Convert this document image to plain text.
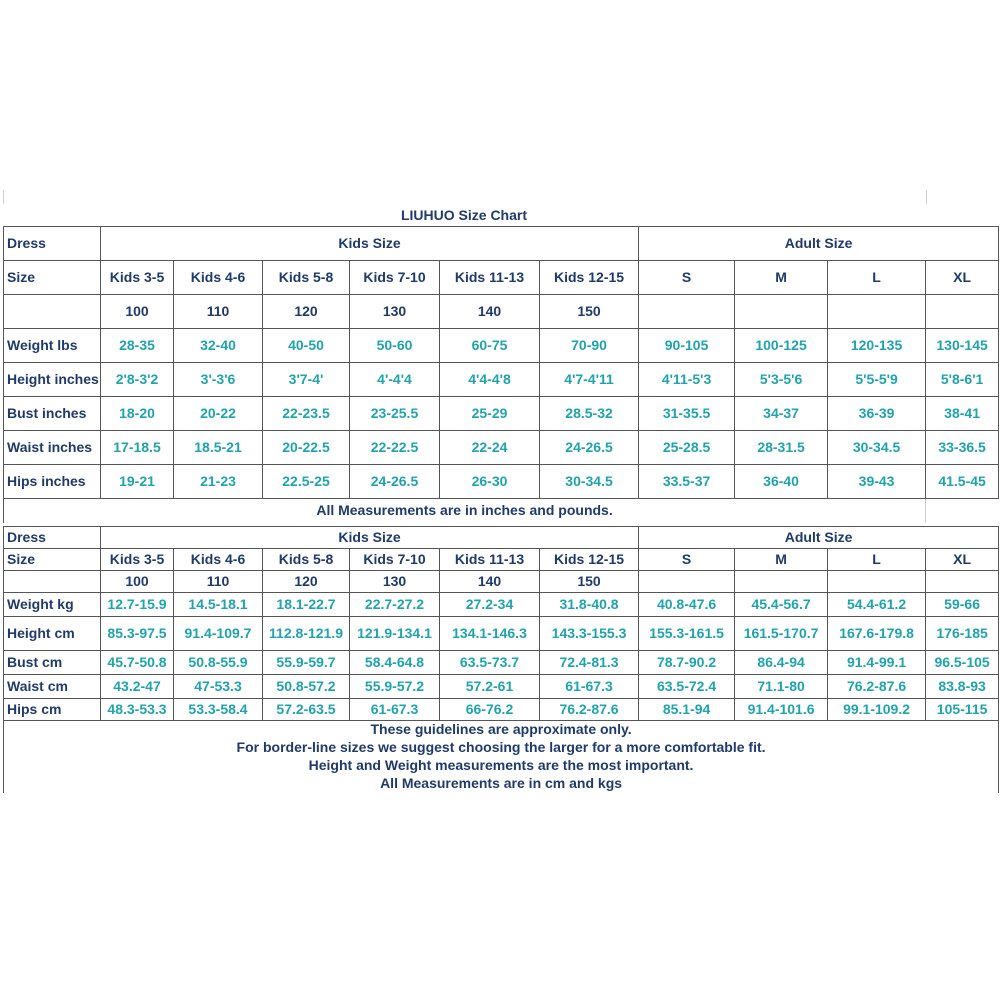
LIUHUO Size Chart
Dress	Kids Size						Adult Size			
Size	Kids 3-5	Kids 4-6	Kids 5-8	Kids 7-10	Kids 11-13	Kids 12-15	S	M	L	XL
	100	110	120	130	140	150				
Weight lbs	28-35	32-40	40-50	50-60	60-75	70-90	90-105	100-125	120-135	130-145
Height inches	2'8-3'2	3'-3'6	3'7-4'	4'-4'4	4'4-4'8	4'7-4'11	4'11-5'3	5'3-5'6	5'5-5'9	5'8-6'1
Bust inches	18-20	20-22	22-23.5	23-25.5	25-29	28.5-32	31-35.5	34-37	36-39	38-41
Waist inches	17-18.5	18.5-21	20-22.5	22-22.5	22-24	24-26.5	25-28.5	28-31.5	30-34.5	33-36.5
Hips inches	19-21	21-23	22.5-25	24-26.5	26-30	30-34.5	33.5-37	36-40	39-43	41.5-45
All Measurements are in inches and pounds.										
Dress	Kids Size						Adult Size			
Size	Kids 3-5	Kids 4-6	Kids 5-8	Kids 7-10	Kids 11-13	Kids 12-15	S	M	L	XL
	100	110	120	130	140	150				
Weight kg	12.7-15.9	14.5-18.1	18.1-22.7	22.7-27.2	27.2-34	31.8-40.8	40.8-47.6	45.4-56.7	54.4-61.2	59-66
Height cm	85.3-97.5	91.4-109.7	112.8-121.9	121.9-134.1	134.1-146.3	143.3-155.3	155.3-161.5	161.5-170.7	167.6-179.8	176-185
Bust cm	45.7-50.8	50.8-55.9	55.9-59.7	58.4-64.8	63.5-73.7	72.4-81.3	78.7-90.2	86.4-94	91.4-99.1	96.5-105
Waist cm	43.2-47	47-53.3	50.8-57.2	55.9-57.2	57.2-61	61-67.3	63.5-72.4	71.1-80	76.2-87.6	83.8-93
Hips cm	48.3-53.3	53.3-58.4	57.2-63.5	61-67.3	66-76.2	76.2-87.6	85.1-94	91.4-101.6	99.1-109.2	105-115
These guidelines are approximate only.										
For border-line sizes we suggest choosing the larger for a more comfortable fit.										
Height and Weight measurements are the most important.										
All Measurements are in cm and kgs										
